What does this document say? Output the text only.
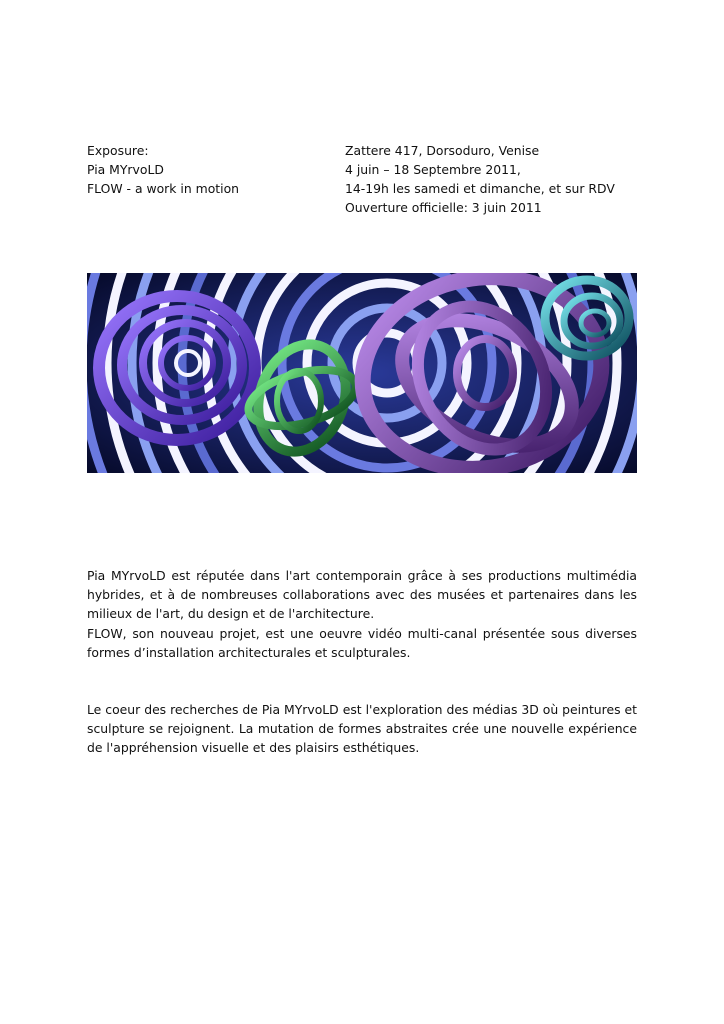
Exposure:
Pia MYrvoLD
FLOW - a work in motion
Zattere 417, Dorsoduro, Venise
4 juin – 18 Septembre 2011,
14-19h les samedi et dimanche, et sur RDV
Ouverture officielle: 3 juin 2011

Pia MYrvoLD est réputée dans l'art contemporain grâce à ses productions multimédia hybrides, et à de nombreuses collaborations avec des musées et partenaires dans les milieux de l'art, du design et de l'architecture.

FLOW, son nouveau projet, est une oeuvre vidéo multi-canal présentée sous diverses formes d’installation architecturales et sculpturales.

Le coeur des recherches de Pia MYrvoLD est l'exploration des médias 3D où peintures et sculpture se rejoignent. La mutation de formes abstraites crée une nouvelle expérience de l'appréhension visuelle et des plaisirs esthétiques.
